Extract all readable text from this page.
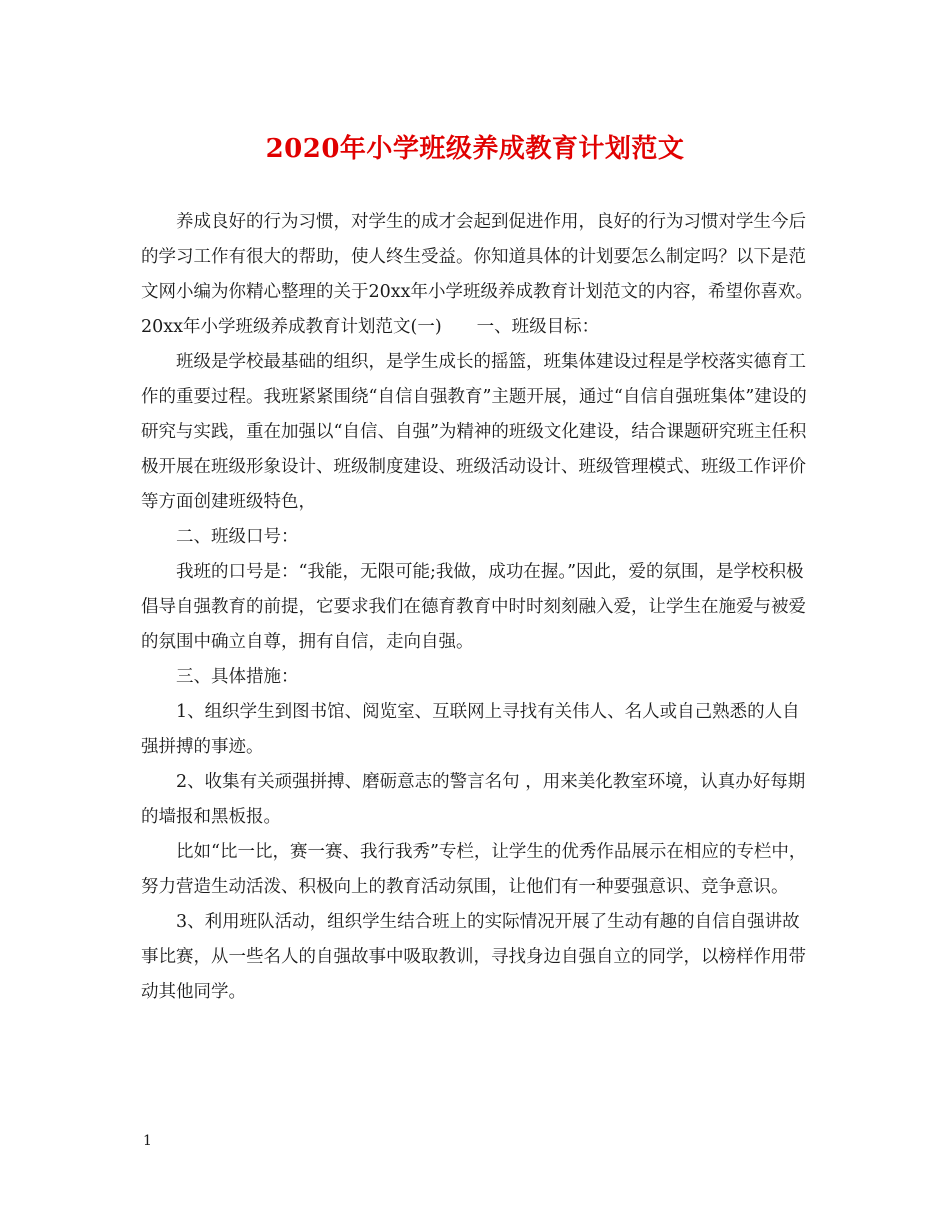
2020年小学班级养成教育计划范文

养成良好的行为习惯，对学生的成才会起到促进作用，良好的行为习惯对学生今后的学习工作有很大的帮助，使人终生受益。你知道具体的计划要怎么制定吗？以下是范文网小编为你精心整理的关于20xx年小学班级养成教育计划范文的内容，希望你喜欢。

20xx年小学班级养成教育计划范文(一)　　一、班级目标：

班级是学校最基础的组织，是学生成长的摇篮，班集体建设过程是学校落实德育工作的重要过程。我班紧紧围绕“自信自强教育”主题开展，通过“自信自强班集体”建设的研究与实践，重在加强以“自信、自强”为精神的班级文化建设，结合课题研究班主任积极开展在班级形象设计、班级制度建设、班级活动设计、班级管理模式、班级工作评价等方面创建班级特色，

二、班级口号：

我班的口号是：“我能，无限可能;我做，成功在握。”因此，爱的氛围，是学校积极倡导自强教育的前提，它要求我们在德育教育中时时刻刻融入爱，让学生在施爱与被爱的氛围中确立自尊，拥有自信，走向自强。

三、具体措施：

1、组织学生到图书馆、阅览室、互联网上寻找有关伟人、名人或自己熟悉的人自强拼搏的事迹。

2、收集有关顽强拼搏、磨砺意志的警言名句 ，用来美化教室环境，认真办好每期的墙报和黑板报。

比如“比一比，赛一赛、我行我秀”专栏，让学生的优秀作品展示在相应的专栏中，努力营造生动活泼、积极向上的教育活动氛围，让他们有一种要强意识、竞争意识。

3、利用班队活动，组织学生结合班上的实际情况开展了生动有趣的自信自强讲故事比赛，从一些名人的自强故事中吸取教训，寻找身边自强自立的同学，以榜样作用带动其他同学。

1
